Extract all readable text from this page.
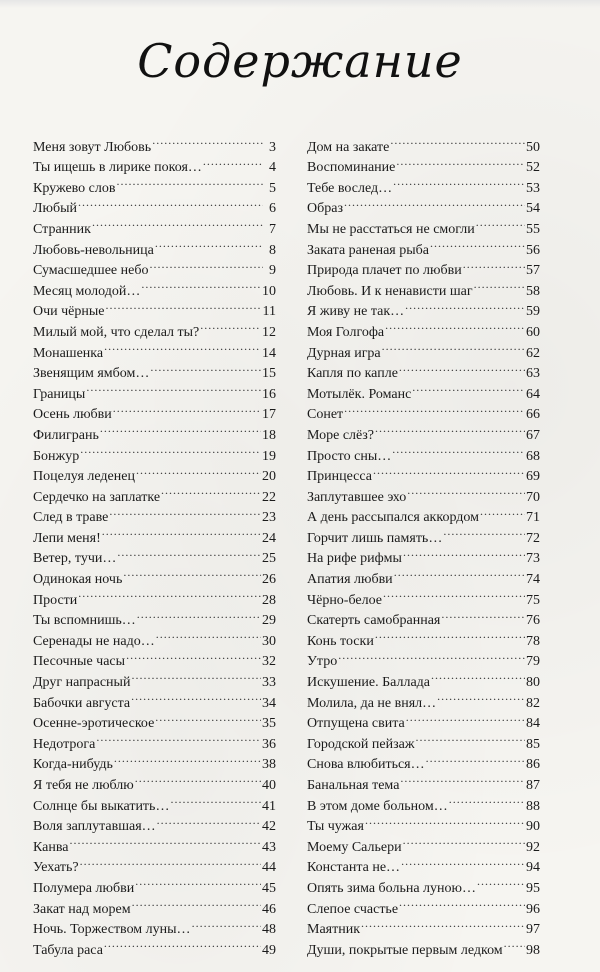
Содержание
Меня зовут Любовь .....	3
Ты ищешь в лирике покоя… .....	4
Кружево слов .....	5
Любый .....	6
Странник .....	7
Любовь-невольница .....	8
Сумасшедшее небо .....	9
Месяц молодой… .....	10
Очи чёрные .....	11
Милый мой, что сделал ты? .....	12
Монашенка .....	14
Звенящим ямбом… .....	15
Границы .....	16
Осень любви .....	17
Филигрань .....	18
Бонжур .....	19
Поцелуя леденец .....	20
Сердечко на заплатке .....	22
След в траве .....	23
Лепи меня! .....	24
Ветер, тучи… .....	25
Одинокая ночь .....	26
Прости .....	28
Ты вспомнишь… .....	29
Серенады не надо… .....	30
Песочные часы .....	32
Друг напрасный .....	33
Бабочки августа .....	34
Осенне-эротическое .....	35
Недотрога .....	36
Когда-нибудь .....	38
Я тебя не люблю .....	40
Солнце бы выкатить… .....	41
Воля заплутавшая… .....	42
Канва .....	43
Уехать? .....	44
Полумера любви .....	45
Закат над морем .....	46
Ночь. Торжеством луны… .....	48
Табула раса .....	49
Дом на закате .....	50
Воспоминание .....	52
Тебе вослед… .....	53
Образ .....	54
Мы не расстаться не смогли .....	55
Заката раненая рыба .....	56
Природа плачет по любви .....	57
Любовь. И к ненависти шаг .....	58
Я живу не так… .....	59
Моя Голгофа .....	60
Дурная игра .....	62
Капля по капле .....	63
Мотылёк. Романс .....	64
Сонет .....	66
Море слёз? .....	67
Просто сны… .....	68
Принцесса .....	69
Заплутавшее эхо .....	70
А день рассыпался аккордом .....	71
Горчит лишь память… .....	72
На рифе рифмы .....	73
Апатия любви .....	74
Чёрно-белое .....	75
Скатерть самобранная .....	76
Конь тоски .....	78
Утро .....	79
Искушение. Баллада .....	80
Молила, да не внял… .....	82
Отпущена свита .....	84
Городской пейзаж .....	85
Снова влюбиться… .....	86
Банальная тема .....	87
В этом доме больном… .....	88
Ты чужая .....	90
Моему Сальери .....	92
Константа не… .....	94
Опять зима больна луною… .....	95
Слепое счастье .....	96
Маятник .....	97
Души, покрытые первым ледком ..... 98
